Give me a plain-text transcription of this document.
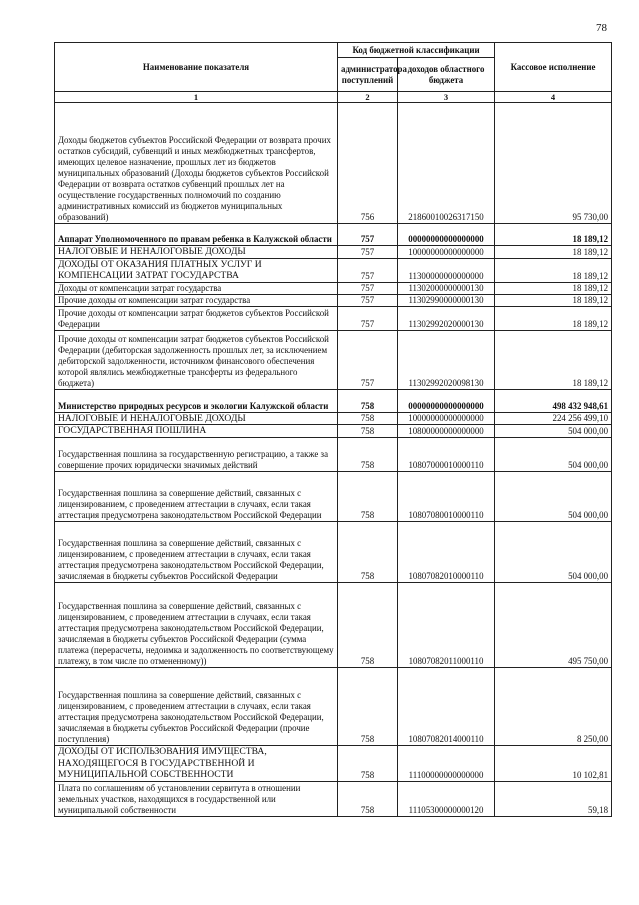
78
Наименование показателя	Код бюджетной классификации		Кассовое исполнение
	администратора поступлений	доходов областного бюджета	
1	2	3	4
Доходы бюджетов субъектов Российской Федерации от возврата прочих остатков субсидий, субвенций и иных межбюджетных трансфертов, имеющих целевое назначение, прошлых лет из бюджетов муниципальных образований (Доходы бюджетов субъектов Российской Федерации от возврата остатков субвенций прошлых лет на осуществление государственных полномочий по созданию административных комиссий из бюджетов муниципальных образований)	756	21860010026317150	95 730,00
Аппарат Уполномоченного по правам ребенка в Калужской области	757	00000000000000000	18 189,12
НАЛОГОВЫЕ И НЕНАЛОГОВЫЕ ДОХОДЫ	757	10000000000000000	18 189,12
ДОХОДЫ ОТ ОКАЗАНИЯ ПЛАТНЫХ УСЛУГ И КОМПЕНСАЦИИ ЗАТРАТ ГОСУДАРСТВА	757	11300000000000000	18 189,12
Доходы от компенсации затрат государства	757	11302000000000130	18 189,12
Прочие доходы от компенсации затрат государства	757	11302990000000130	18 189,12
Прочие доходы от компенсации затрат бюджетов субъектов Российской Федерации	757	11302992020000130	18 189,12
Прочие доходы от компенсации затрат бюджетов субъектов Российской Федерации (дебиторская задолженность прошлых лет, за исключением дебиторской задолженности, источником финансового обеспечения которой являлись межбюджетные трансферты из федерального бюджета)	757	11302992020098130	18 189,12
Министерство природных ресурсов и экологии Калужской области	758	00000000000000000	498 432 948,61
НАЛОГОВЫЕ И НЕНАЛОГОВЫЕ ДОХОДЫ	758	10000000000000000	224 256 499,10
ГОСУДАРСТВЕННАЯ ПОШЛИНА	758	10800000000000000	504 000,00
Государственная пошлина за государственную регистрацию, а также за совершение прочих юридически значимых действий	758	10807000010000110	504 000,00
Государственная пошлина за совершение действий, связанных с лицензированием, с проведением аттестации в случаях, если такая аттестация предусмотрена законодательством Российской Федерации	758	10807080010000110	504 000,00
Государственная пошлина за совершение действий, связанных с лицензированием, с проведением аттестации в случаях, если такая аттестация предусмотрена законодательством Российской Федерации, зачисляемая в бюджеты субъектов Российской Федерации	758	10807082010000110	504 000,00
Государственная пошлина за совершение действий, связанных с лицензированием, с проведением аттестации в случаях, если такая аттестация предусмотрена законодательством Российской Федерации, зачисляемая в бюджеты субъектов Российской Федерации (сумма платежа (перерасчеты, недоимка и задолженность по соответствующему платежу, в том числе по отмененному))	758	10807082011000110	495 750,00
Государственная пошлина за совершение действий, связанных с лицензированием, с проведением аттестации в случаях, если такая аттестация предусмотрена законодательством Российской Федерации, зачисляемая в бюджеты субъектов Российской Федерации (прочие поступления)	758	10807082014000110	8 250,00
ДОХОДЫ ОТ ИСПОЛЬЗОВАНИЯ ИМУЩЕСТВА, НАХОДЯЩЕГОСЯ В ГОСУДАРСТВЕННОЙ И МУНИЦИПАЛЬНОЙ СОБСТВЕННОСТИ	758	11100000000000000	10 102,81
Плата по соглашениям об установлении сервитута в отношении земельных участков, находящихся в государственной или муниципальной собственности	758	11105300000000120	59,18
